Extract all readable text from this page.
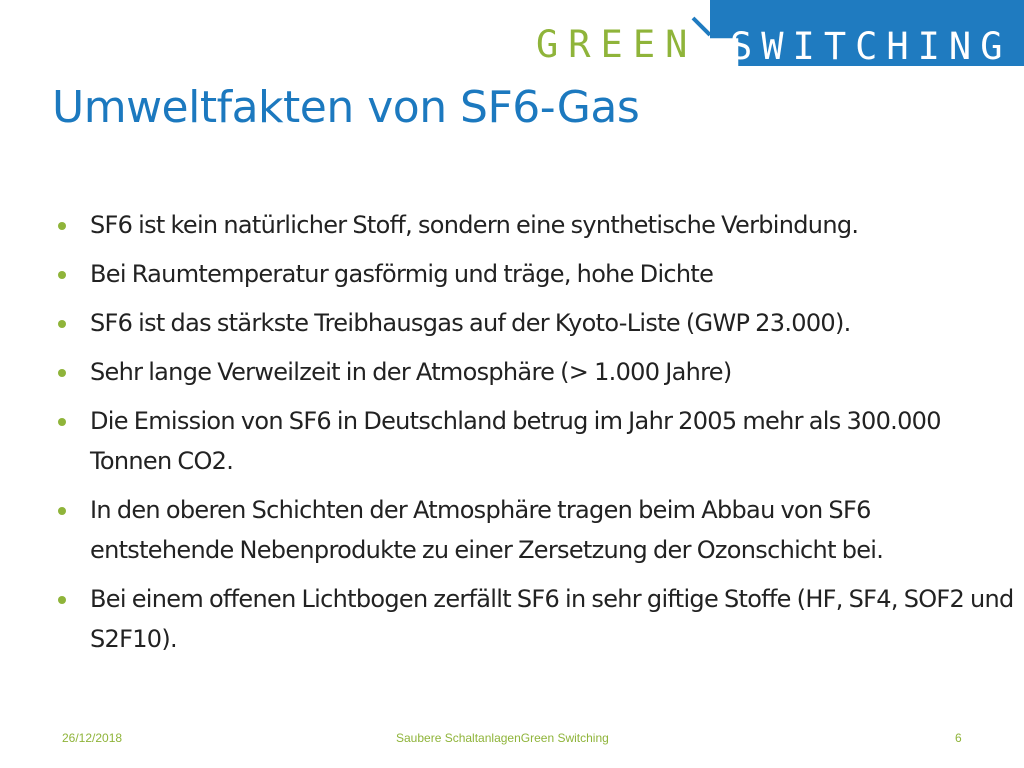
GREEN SWITCHING
Umweltfakten von SF6-Gas
SF6 ist kein natürlicher Stoff, sondern eine synthetische Verbindung.
Bei Raumtemperatur gasförmig und träge, hohe Dichte
SF6 ist das stärkste Treibhausgas auf der Kyoto-Liste (GWP 23.000).
Sehr lange Verweilzeit in der Atmosphäre (> 1.000 Jahre)
Die Emission von SF6 in Deutschland betrug im Jahr 2005 mehr als 300.000 Tonnen CO2.
In den oberen Schichten der Atmosphäre tragen beim Abbau von SF6 entstehende Nebenprodukte zu einer Zersetzung der Ozonschicht bei.
Bei einem offenen Lichtbogen zerfällt SF6 in sehr giftige Stoffe (HF, SF4, SOF2 und S2F10).
26/12/2018	Saubere SchaltanlagenGreen Switching	6
